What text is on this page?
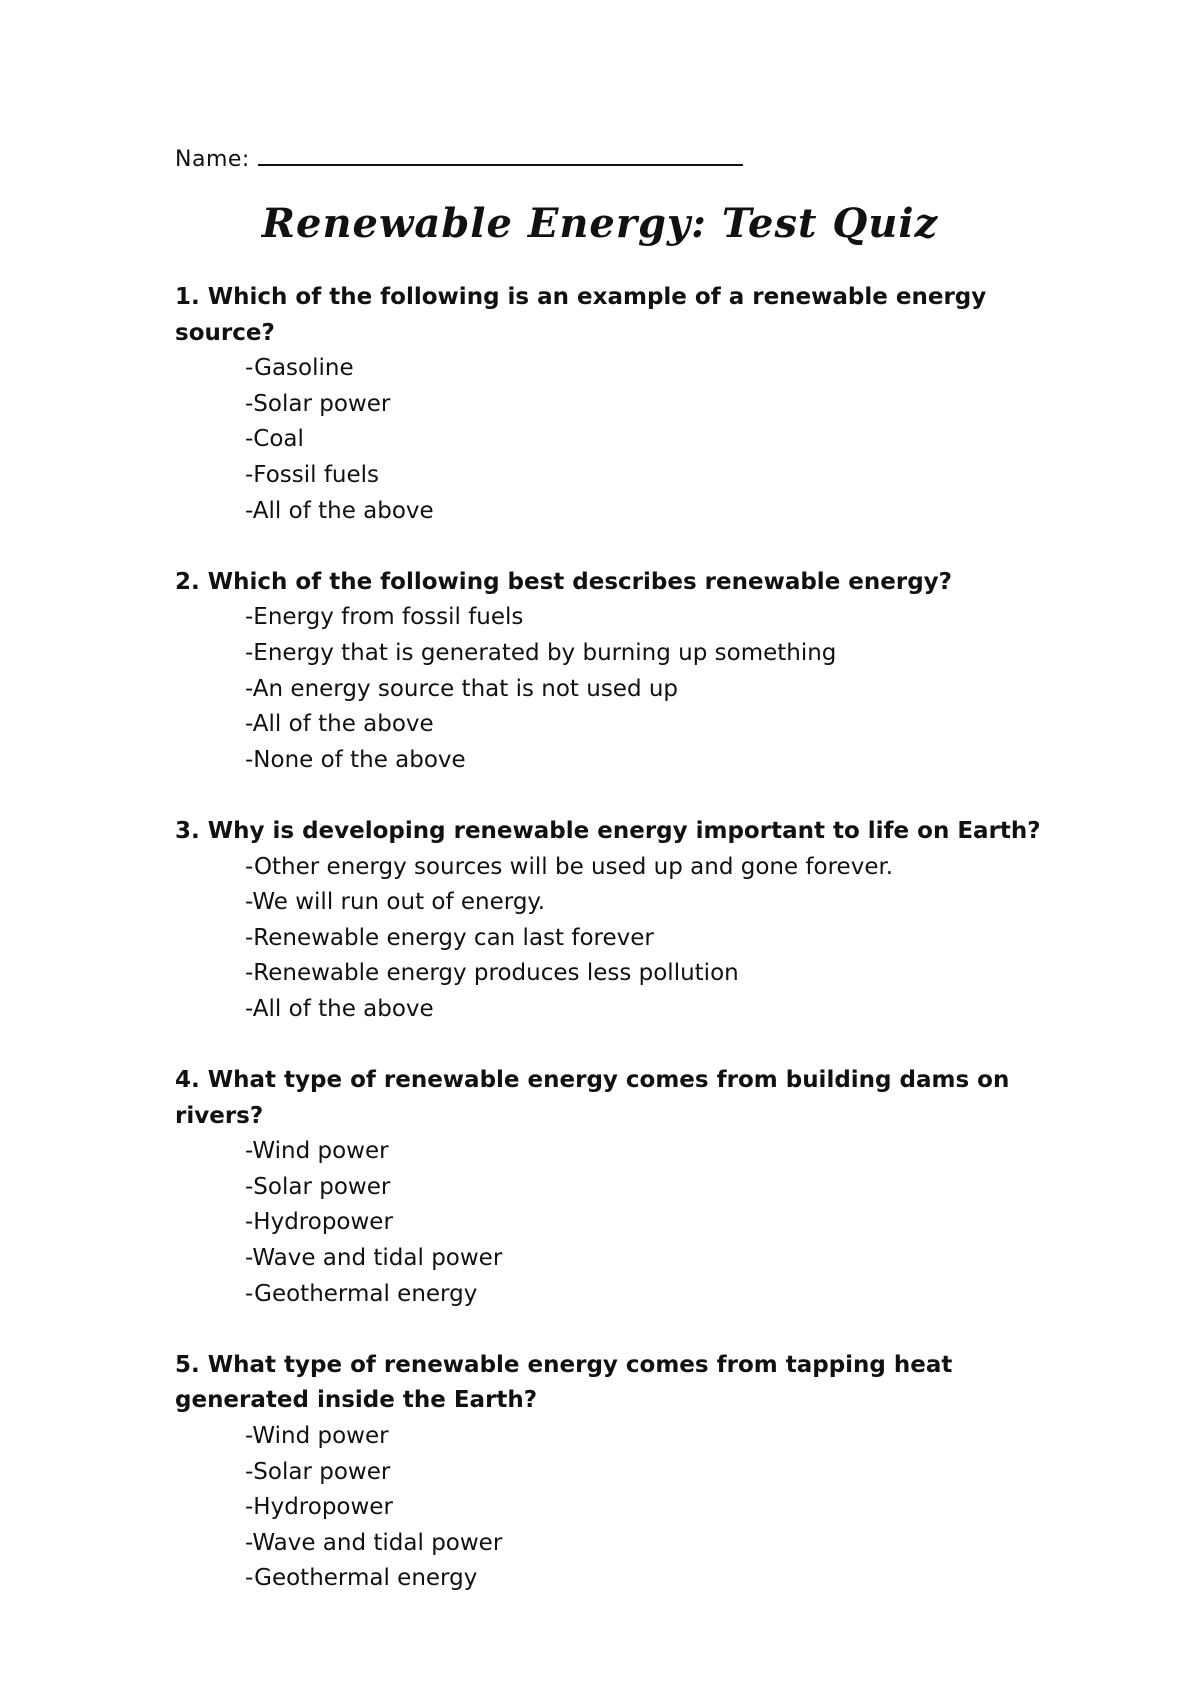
Name:
Renewable Energy: Test Quiz

1. Which of the following is an example of a renewable energy source?

-Gasoline
-Solar power
-Coal
-Fossil fuels
-All of the above

2. Which of the following best describes renewable energy?

-Energy from fossil fuels
-Energy that is generated by burning up something
-An energy source that is not used up
-All of the above
-None of the above

3. Why is developing renewable energy important to life on Earth?

-Other energy sources will be used up and gone forever.
-We will run out of energy.
-Renewable energy can last forever
-Renewable energy produces less pollution
-All of the above

4. What type of renewable energy comes from building dams on rivers?

-Wind power
-Solar power
-Hydropower
-Wave and tidal power
-Geothermal energy

5. What type of renewable energy comes from tapping heat generated inside the Earth?

-Wind power
-Solar power
-Hydropower
-Wave and tidal power
-Geothermal energy
